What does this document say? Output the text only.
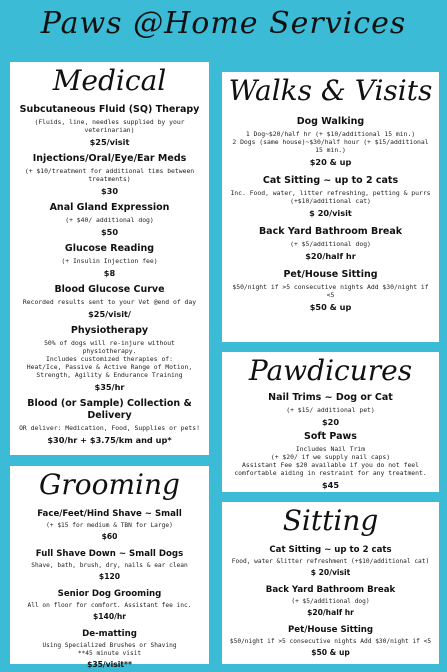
Paws @Home Services
Medical
Subcutaneous Fluid (SQ) Therapy
(Fluids, line, needles supplied by your veterinarian)
$25/visit
Injections/Oral/Eye/Ear Meds
(+ $10/treatment for additional tims between treatments)
$30
Anal Gland Expression
(+ $40/ additional dog)
$50
Glucose Reading
(+ Insulin Injection fee)
$8
Blood Glucose Curve
Recorded results sent to your Vet @end of day
$25/visit/
Physiotherapy
50% of dogs will re-injure without physiotherapy.
Includes customized therapies of:
Heat/Ice, Passive & Active Range of Motion, Strength, Agility & Endurance Training
$35/hr
Blood (or Sample) Collection & Delivery
OR deliver: Medication, Food, Supplies or pets!
$30/hr + $3.75/km and up*
Grooming
Face/Feet/Hind Shave ~ Small
(+ $15 for medium & TBN for Large)
$60
Full Shave Down ~ Small Dogs
Shave, bath, brush, dry, nails & ear clean
$120
Senior Dog Grooming
All on floor for comfort. Assistant fee inc.
$140/hr
De-matting
Using Specialized Brushes or Shaving
**45 minute visit
$35/visit**
Walks & Visits
Dog Walking
1 Dog~$20/half hr (+ $10/additional 15 min.)
2 Dogs (same house)~$30/half hour (+ $15/additional 15 min.)
$20 & up
Cat Sitting ~ up to 2 cats
Inc. Food, water, litter refreshing, petting & purrs (+$10/additional cat)
$ 20/visit
Back Yard Bathroom Break
(+ $5/additional dog)
$20/half hr
Pet/House Sitting
$50/night if >5 consecutive nights Add $30/night if <5
$50 & up
Pawdicures
Nail Trims ~ Dog or Cat
(+ $15/ additional pet)
$20
Soft Paws
Includes Nail Trim
(+ $20/ if we supply nail caps)
Assistant Fee $20 available if you do not feel comfortable aiding in restraint for any treatment.
$45
Sitting
Cat Sitting ~ up to 2 cats
Food, water &litter refreshment (+$10/additional cat)
$ 20/visit
Back Yard Bathroom Break
(+ $5/additional dog)
$20/half hr
Pet/House Sitting
$50/night if >5 consecutive nights Add $30/night if <5
$50 & up
